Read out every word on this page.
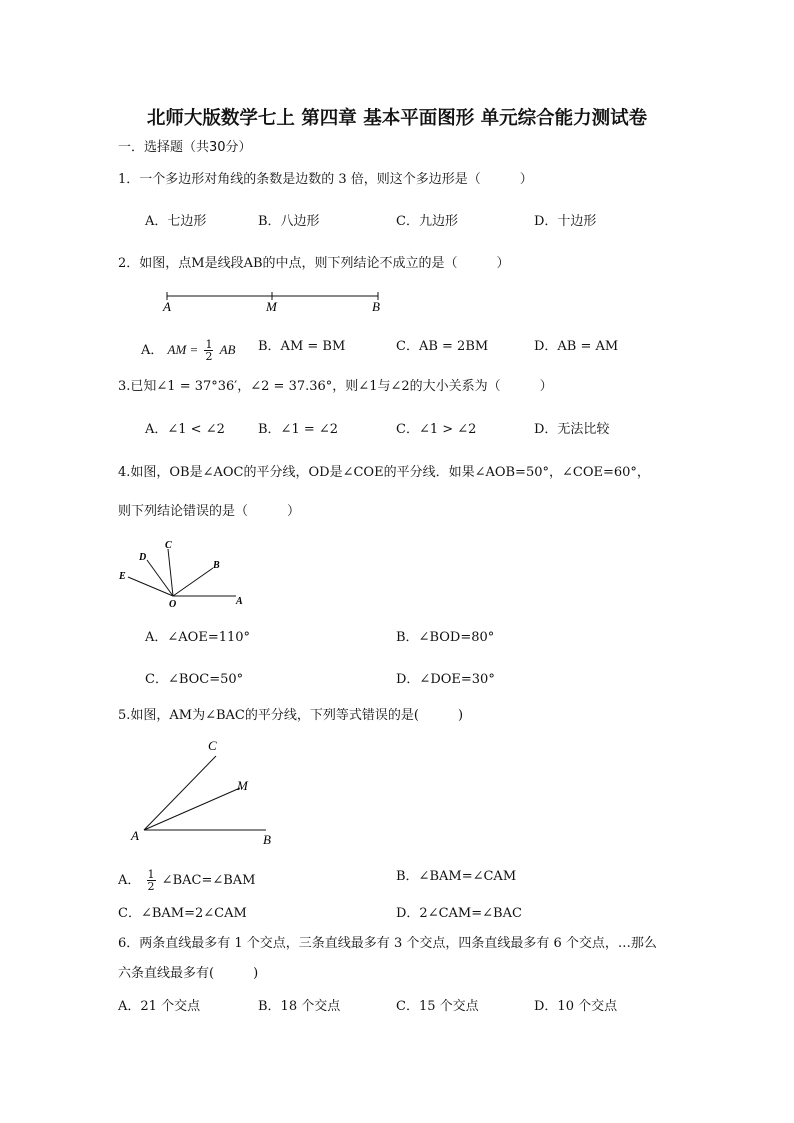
北师大版数学七上 第四章 基本平面图形 单元综合能力测试卷
一．选择题（共30分）
1．一个多边形对角线的条数是边数的 3 倍，则这个多边形是（　　　）
A．七边形	B．八边形	C．九边形	D．十边形
2．如图，点M是线段AB的中点，则下列结论不成立的是（　　　）
A	M	B
A． AM = $\frac{1}{2}$ AB B．AM = BM	C．AB = 2BM	D．AB = AM
3.已知∠1 = 37°36′，∠2 = 37.36°，则∠1与∠2的大小关系为（　　　）
A．∠1 < ∠2	B．∠1 = ∠2	C．∠1 > ∠2	D．无法比较
4.如图，OB是∠AOC的平分线，OD是∠COE的平分线．如果∠AOB=50°，∠COE=60°，
则下列结论错误的是（　　　）
D
C
B
E
O	A
A．∠AOE=110°	B．∠BOD=80°
C．∠BOC=50°	D．∠DOE=30°
5.如图，AM为∠BAC的平分线，下列等式错误的是(　　　)
C
M
A	B
A． $\frac{1}{2}$ ∠BAC=∠BAM	B．∠BAM=∠CAM
C．∠BAM=2∠CAM	D．2∠CAM=∠BAC
6．两条直线最多有 1 个交点，三条直线最多有 3 个交点，四条直线最多有 6 个交点，…那么
六条直线最多有(　　　)
A．21 个交点	B．18 个交点	C．15 个交点	D．10 个交点
